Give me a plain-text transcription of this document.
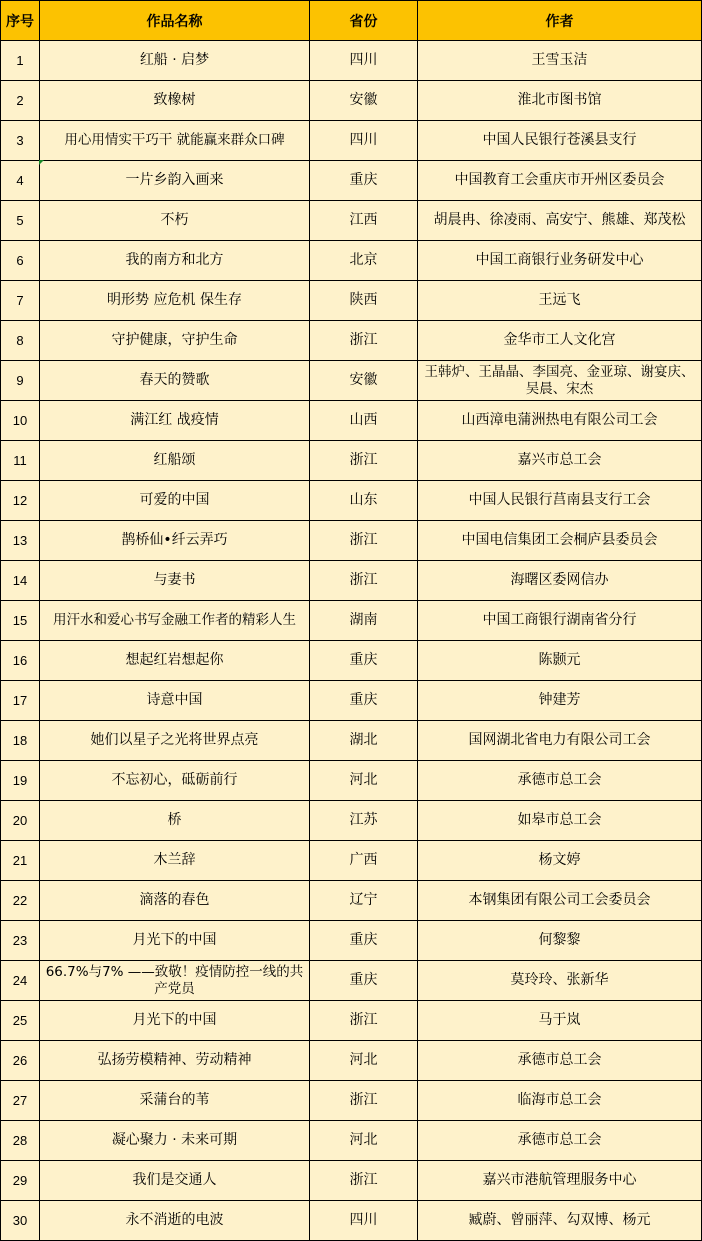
序号	作品名称	省份	作者
1	红船 · 启梦	四川	王雪玉洁
2	致橡树	安徽	淮北市图书馆
3	用心用情实干巧干 就能赢来群众口碑	四川	中国人民银行苍溪县支行
4	一片乡韵入画来	重庆	中国教育工会重庆市开州区委员会
5	不朽	江西	胡晨冉、徐凌雨、高安宁、熊雄、郑茂松
6	我的南方和北方	北京	中国工商银行业务研发中心
7	明形势 应危机 保生存	陕西	王远飞
8	守护健康，守护生命	浙江	金华市工人文化宫
9	春天的赞歌	安徽	王韩炉、王晶晶、李国亮、金亚琼、谢宴庆、吴晨、宋杰
10	满江红 战疫情	山西	山西漳电蒲洲热电有限公司工会
11	红船颂	浙江	嘉兴市总工会
12	可爱的中国	山东	中国人民银行莒南县支行工会
13	鹊桥仙•纤云弄巧	浙江	中国电信集团工会桐庐县委员会
14	与妻书	浙江	海曙区委网信办
15	用汗水和爱心书写金融工作者的精彩人生	湖南	中国工商银行湖南省分行
16	想起红岩想起你	重庆	陈颢元
17	诗意中国	重庆	钟建芳
18	她们以星子之光将世界点亮	湖北	国网湖北省电力有限公司工会
19	不忘初心，砥砺前行	河北	承德市总工会
20	桥	江苏	如皋市总工会
21	木兰辞	广西	杨文婷
22	滴落的春色	辽宁	本钢集团有限公司工会委员会
23	月光下的中国	重庆	何黎黎
24	66.7%与7% ——致敬！疫情防控一线的共产党员	重庆	莫玲玲、张新华
25	月光下的中国	浙江	马于岚
26	弘扬劳模精神、劳动精神	河北	承德市总工会
27	采蒲台的苇	浙江	临海市总工会
28	凝心聚力 · 未来可期	河北	承德市总工会
29	我们是交通人	浙江	嘉兴市港航管理服务中心
30	永不消逝的电波	四川	臧蔚、曾丽萍、勾双博、杨元
